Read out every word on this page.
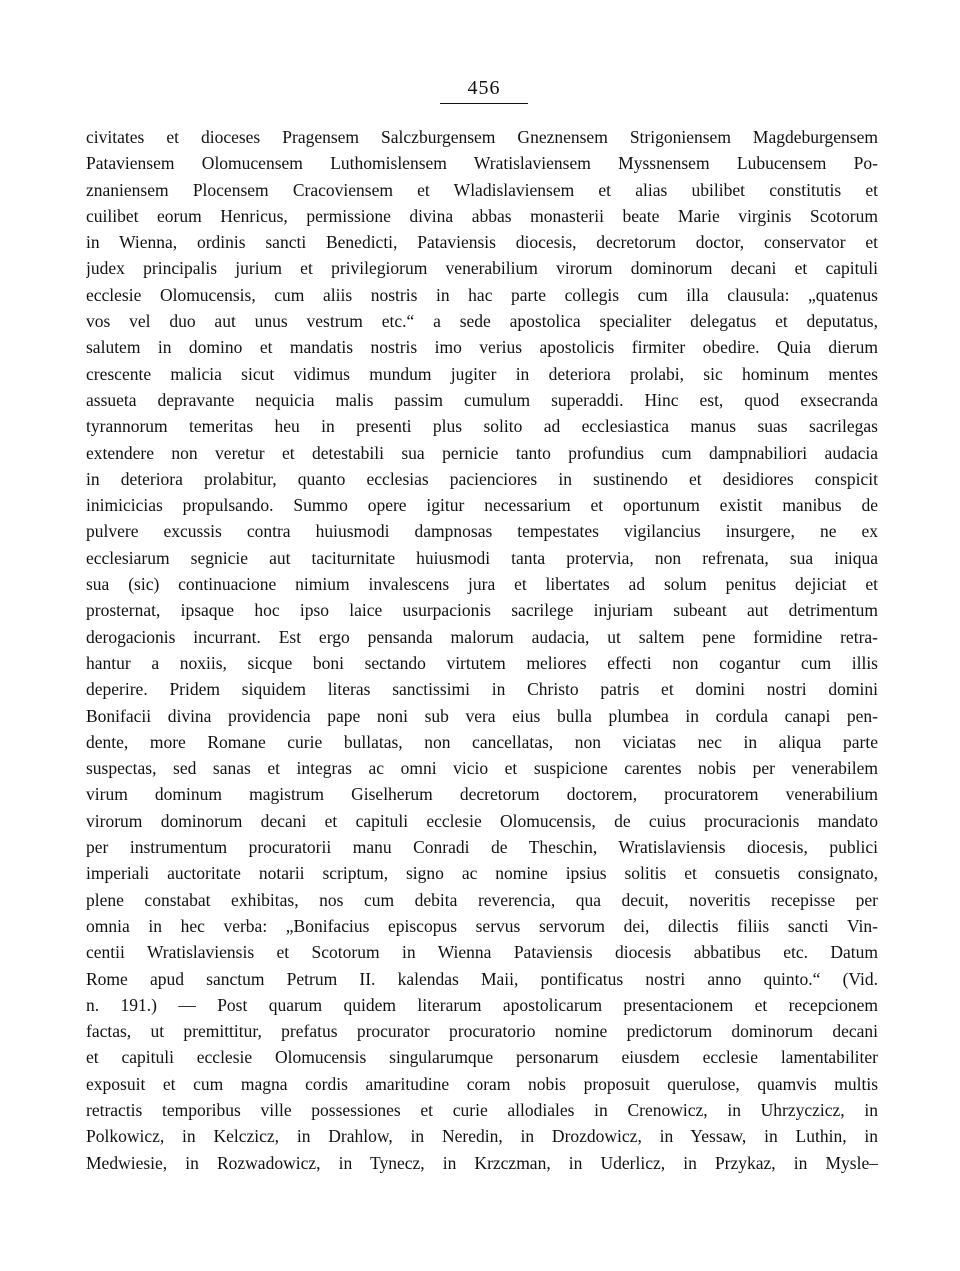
456
civitates et dioceses Pragensem Salczburgensem Gneznensem Strigoniensem Magdeburgensem
Pataviensem Olomucensem Luthomislensem Wratislaviensem Myssnensem Lubucensem Po-
znaniensem Plocensem Cracoviensem et Wladislaviensem et alias ubilibet constitutis et
cuilibet eorum Henricus, permissione divina abbas monasterii beate Marie virginis Scotorum
in Wienna, ordinis sancti Benedicti, Pataviensis diocesis, decretorum doctor, conservator et
judex principalis jurium et privilegiorum venerabilium virorum dominorum decani et capituli
ecclesie Olomucensis, cum aliis nostris in hac parte collegis cum illa clausula: „quatenus
vos vel duo aut unus vestrum etc.“ a sede apostolica specialiter delegatus et deputatus,
salutem in domino et mandatis nostris imo verius apostolicis firmiter obedire. Quia dierum
crescente malicia sicut vidimus mundum jugiter in deteriora prolabi, sic hominum mentes
assueta depravante nequicia malis passim cumulum superaddi. Hinc est, quod exsecranda
tyrannorum temeritas heu in presenti plus solito ad ecclesiastica manus suas sacrilegas
extendere non veretur et detestabili sua pernicie tanto profundius cum dampnabiliori audacia
in deteriora prolabitur, quanto ecclesias pacienciores in sustinendo et desidiores conspicit
inimicicias propulsando. Summo opere igitur necessarium et oportunum existit manibus de
pulvere excussis contra huiusmodi dampnosas tempestates vigilancius insurgere, ne ex
ecclesiarum segnicie aut taciturnitate huiusmodi tanta protervia, non refrenata, sua iniqua
sua (sic) continuacione nimium invalescens jura et libertates ad solum penitus dejiciat et
prosternat, ipsaque hoc ipso laice usurpacionis sacrilege injuriam subeant aut detrimentum
derogacionis incurrant. Est ergo pensanda malorum audacia, ut saltem pene formidine retra-
hantur a noxiis, sicque boni sectando virtutem meliores effecti non cogantur cum illis
deperire. Pridem siquidem literas sanctissimi in Christo patris et domini nostri domini
Bonifacii divina providencia pape noni sub vera eius bulla plumbea in cordula canapi pen-
dente, more Romane curie bullatas, non cancellatas, non viciatas nec in aliqua parte
suspectas, sed sanas et integras ac omni vicio et suspicione carentes nobis per venerabilem
virum dominum magistrum Giselherum decretorum doctorem, procuratorem venerabilium
virorum dominorum decani et capituli ecclesie Olomucensis, de cuius procuracionis mandato
per instrumentum procuratorii manu Conradi de Theschin, Wratislaviensis diocesis, publici
imperiali auctoritate notarii scriptum, signo ac nomine ipsius solitis et consuetis consignato,
plene constabat exhibitas, nos cum debita reverencia, qua decuit, noveritis recepisse per
omnia in hec verba: „Bonifacius episcopus servus servorum dei, dilectis filiis sancti Vin-
centii Wratislaviensis et Scotorum in Wienna Pataviensis diocesis abbatibus etc. Datum
Rome apud sanctum Petrum II. kalendas Maii, pontificatus nostri anno quinto.“ (Vid.
n. 191.) — Post quarum quidem literarum apostolicarum presentacionem et recepcionem
factas, ut premittitur, prefatus procurator procuratorio nomine predictorum dominorum decani
et capituli ecclesie Olomucensis singularumque personarum eiusdem ecclesie lamentabiliter
exposuit et cum magna cordis amaritudine coram nobis proposuit querulose, quamvis multis
retractis temporibus ville possessiones et curie allodiales in Crenowicz, in Uhrzyczicz, in
Polkowicz, in Kelczicz, in Drahlow, in Neredin, in Drozdowicz, in Yessaw, in Luthin, in
Medwiesie, in Rozwadowicz, in Tynecz, in Krzczman, in Uderlicz, in Przykaz, in Mysle–
